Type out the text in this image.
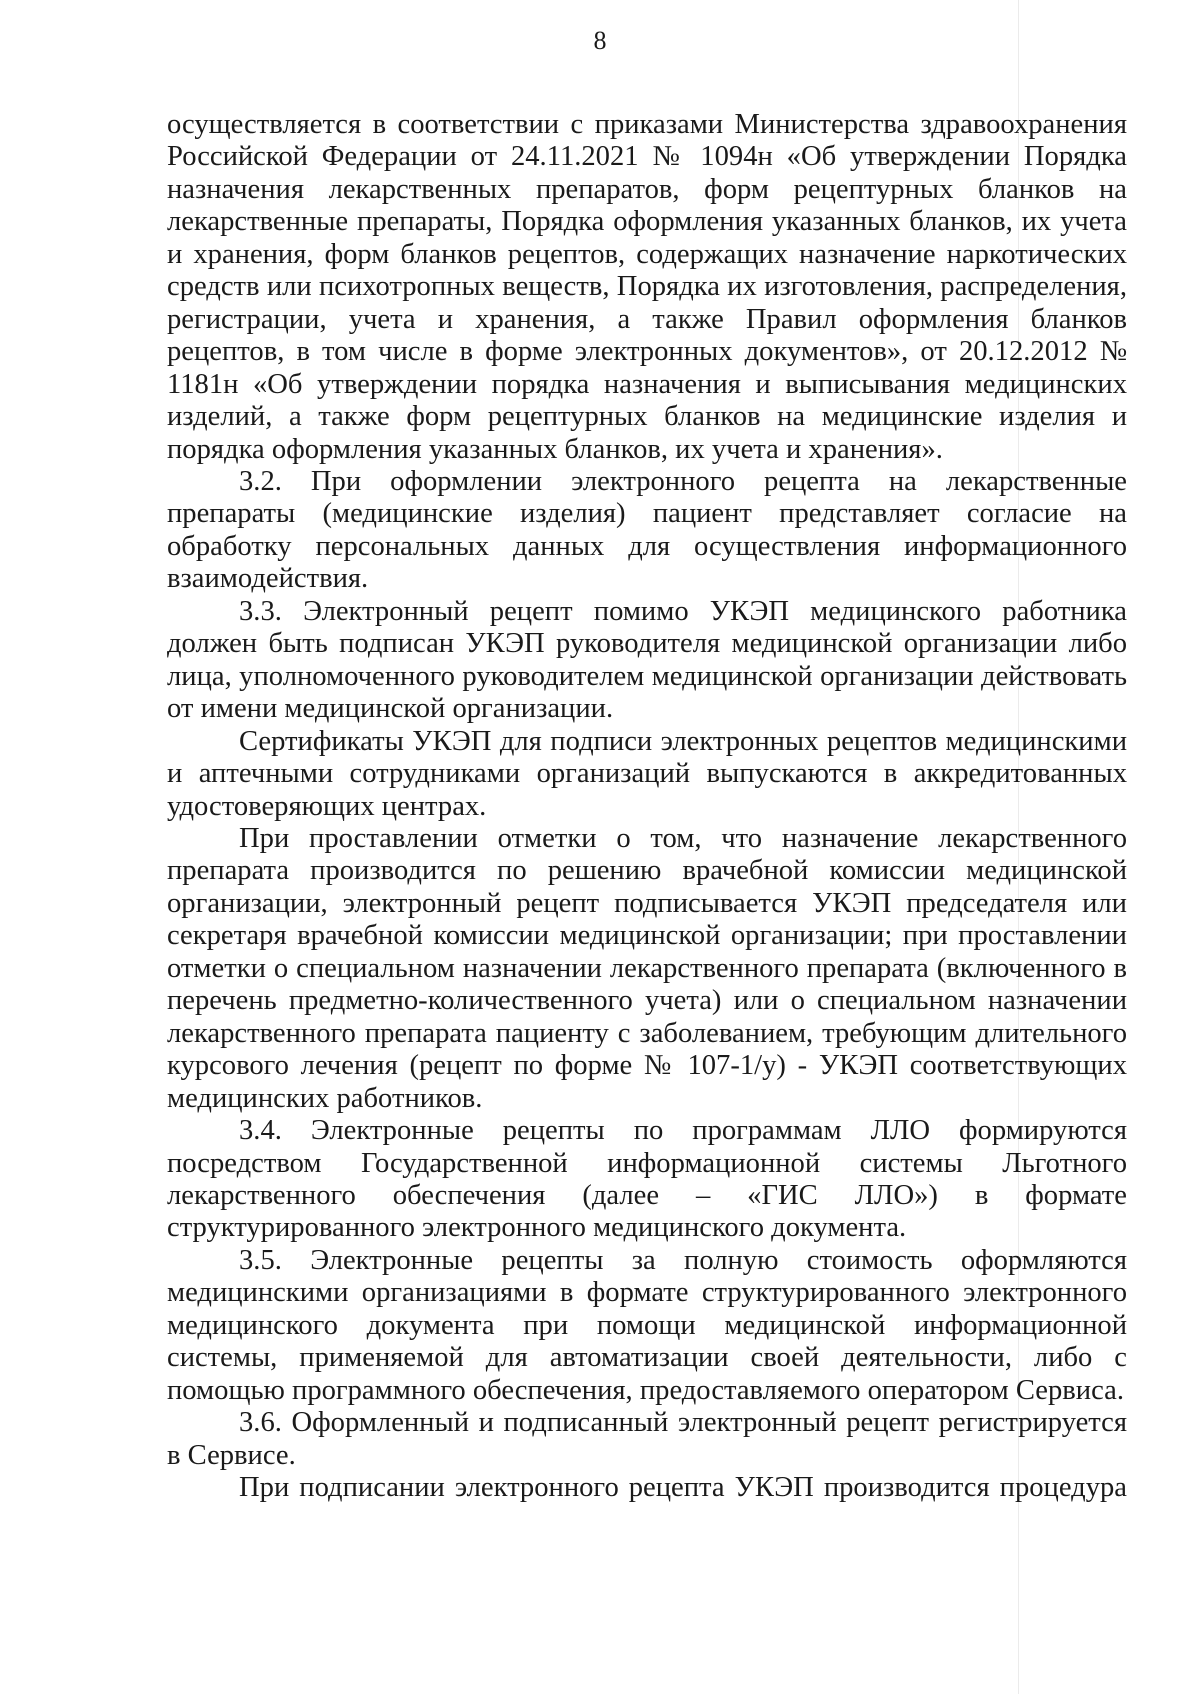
8

осуществляется в соответствии с приказами Министерства здравоохранения Российской Федерации от 24.11.2021 № 1094н «Об утверждении Порядка назначения лекарственных препаратов, форм рецептурных бланков на лекарственные препараты, Порядка оформления указанных бланков, их учета и хранения, форм бланков рецептов, содержащих назначение наркотических средств или психотропных веществ, Порядка их изготовления, распределения, регистрации, учета и хранения, а также Правил оформления бланков рецептов, в том числе в форме электронных документов», от 20.12.2012 № 1181н «Об утверждении порядка назначения и выписывания медицинских изделий, а также форм рецептурных бланков на медицинские изделия и порядка оформления указанных бланков, их учета и хранения».

3.2. При оформлении электронного рецепта на лекарственные препараты (медицинские изделия) пациент представляет согласие на обработку персональных данных для осуществления информационного взаимодействия.

3.3. Электронный рецепт помимо УКЭП медицинского работника должен быть подписан УКЭП руководителя медицинской организации либо лица, уполномоченного руководителем медицинской организации действовать от имени медицинской организации.

Сертификаты УКЭП для подписи электронных рецептов медицинскими и аптечными сотрудниками организаций выпускаются в аккредитованных удостоверяющих центрах.

При проставлении отметки о том, что назначение лекарственного препарата производится по решению врачебной комиссии медицинской организации, электронный рецепт подписывается УКЭП председателя или секретаря врачебной комиссии медицинской организации; при проставлении отметки о специальном назначении лекарственного препарата (включенного в перечень предметно-количественного учета) или о специальном назначении лекарственного препарата пациенту с заболеванием, требующим длительного курсового лечения (рецепт по форме № 107-1/у) - УКЭП соответствующих медицинских работников.

3.4. Электронные рецепты по программам ЛЛО формируются посредством Государственной информационной системы Льготного лекарственного обеспечения (далее – «ГИС ЛЛО») в формате структурированного электронного медицинского документа.

3.5. Электронные рецепты за полную стоимость оформляются медицинскими организациями в формате структурированного электронного медицинского документа при помощи медицинской информационной системы, применяемой для автоматизации своей деятельности, либо с помощью программного обеспечения, предоставляемого оператором Сервиса.

3.6. Оформленный и подписанный электронный рецепт регистрируется в Сервисе.

При подписании электронного рецепта УКЭП производится процедура
